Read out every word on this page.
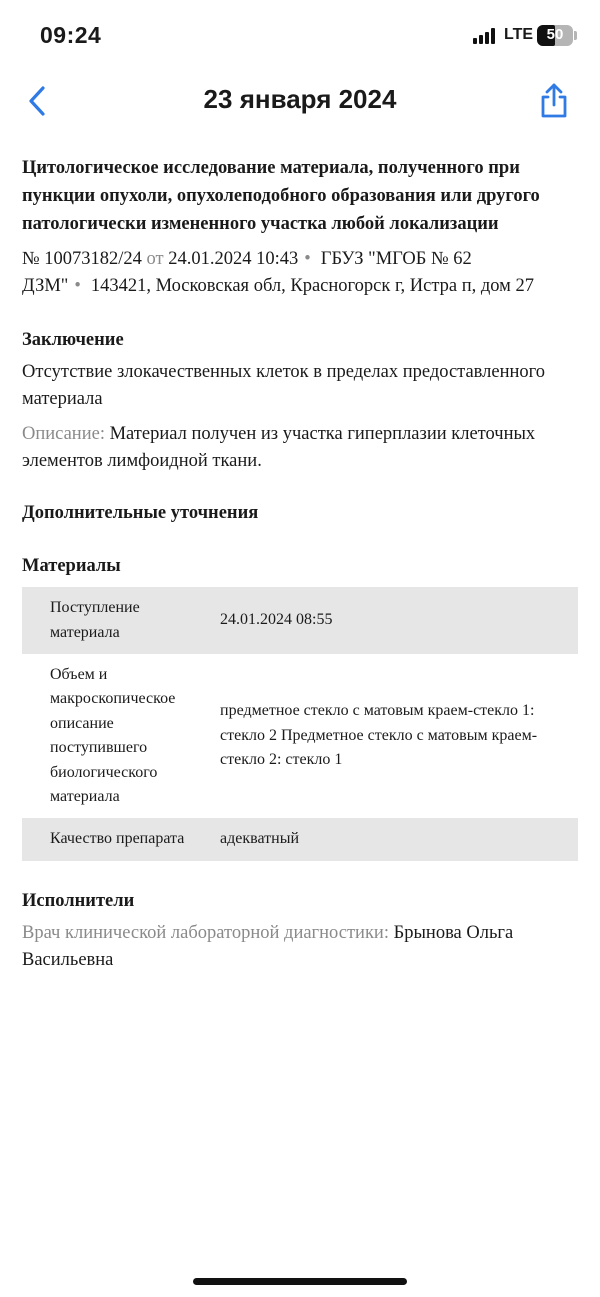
09:24	LTE 50
23 января 2024

Цитологическое исследование материала, полученного при пункции опухоли, опухолеподобного образования или другого патологически измененного участка любой локализации

№ 10073182/24 от 24.01.2024 10:43 • ГБУЗ "МГОБ № 62 ДЗМ" • 143421, Московская обл, Красногорск г, Истра п, дом 27
Заключение
Отсутствие злокачественных клеток в пределах предоставленного материала
Описание: Материал получен из участка гиперплазии клеточных элементов лимфоидной ткани.
Дополнительные уточнения
Материалы
Поступление материала	24.01.2024 08:55
Объем и макроскопическое описание поступившего биологического материала	предметное стекло с матовым краем-стекло 1: стекло 2 Предметное стекло с матовым краем-стекло 2: стекло 1
Качество препарата	адекватный
Исполнители
Врач клинической лабораторной диагностики: Брынова Ольга Васильевна
